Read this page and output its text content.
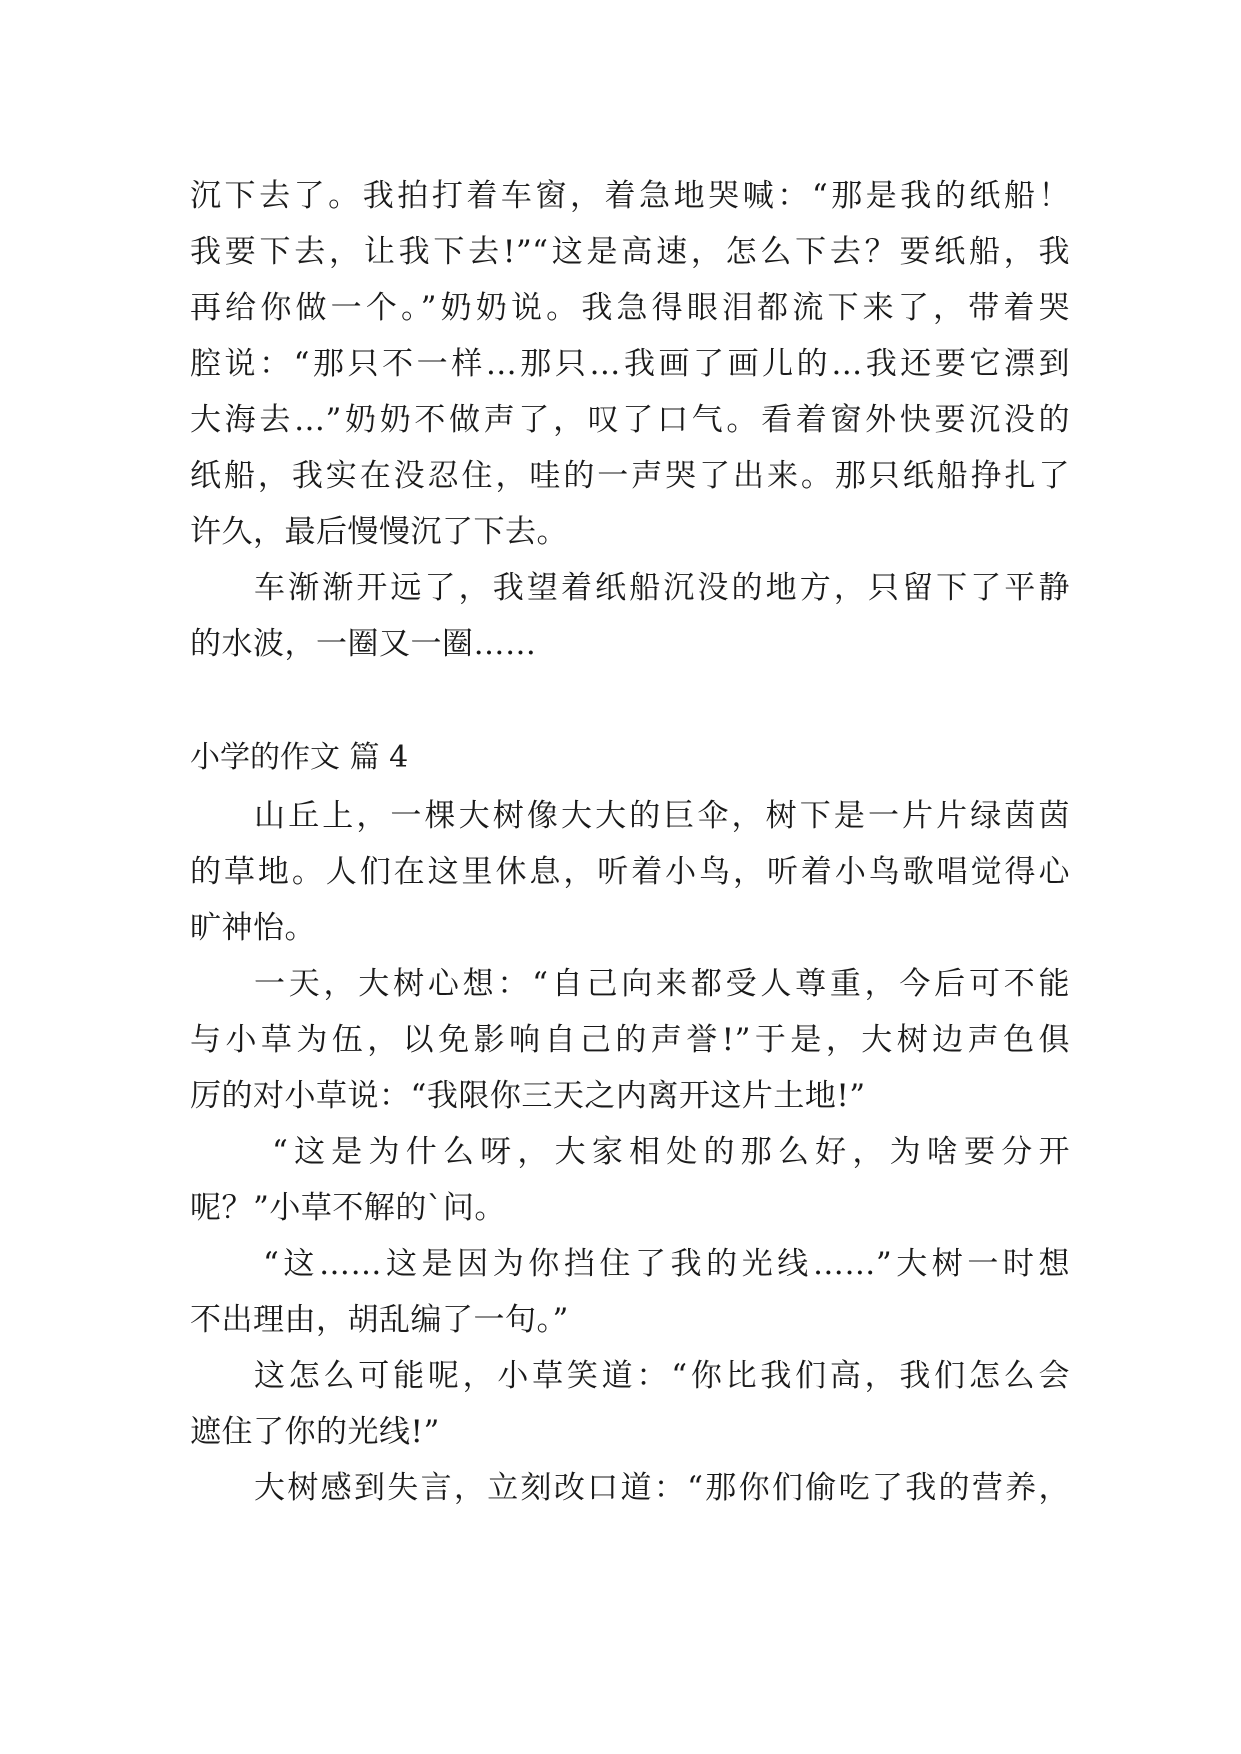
沉下去了。我拍打着车窗，着急地哭喊：“那是我的纸船！
我要下去，让我下去!”“这是高速，怎么下去？要纸船，我
再给你做一个。”奶奶说。我急得眼泪都流下来了，带着哭
腔说：“那只不一样…那只…我画了画儿的…我还要它漂到
大海去…”奶奶不做声了，叹了口气。看着窗外快要沉没的
纸船，我实在没忍住，哇的一声哭了出来。那只纸船挣扎了
许久，最后慢慢沉了下去。
车渐渐开远了，我望着纸船沉没的地方，只留下了平静
的水波，一圈又一圈……
小学的作文 篇 4
山丘上，一棵大树像大大的巨伞，树下是一片片绿茵茵
的草地。人们在这里休息，听着小鸟，听着小鸟歌唱觉得心
旷神怡。
一天，大树心想：“自己向来都受人尊重，今后可不能
与小草为伍，以免影响自己的声誉!”于是，大树边声色俱
厉的对小草说：“我限你三天之内离开这片土地!”
“这是为什么呀，大家相处的那么好，为啥要分开
呢？”小草不解的`问。
“这……这是因为你挡住了我的光线……”大树一时想
不出理由，胡乱编了一句。”
这怎么可能呢，小草笑道：“你比我们高，我们怎么会
遮住了你的光线!”
大树感到失言，立刻改口道：“那你们偷吃了我的营养，
